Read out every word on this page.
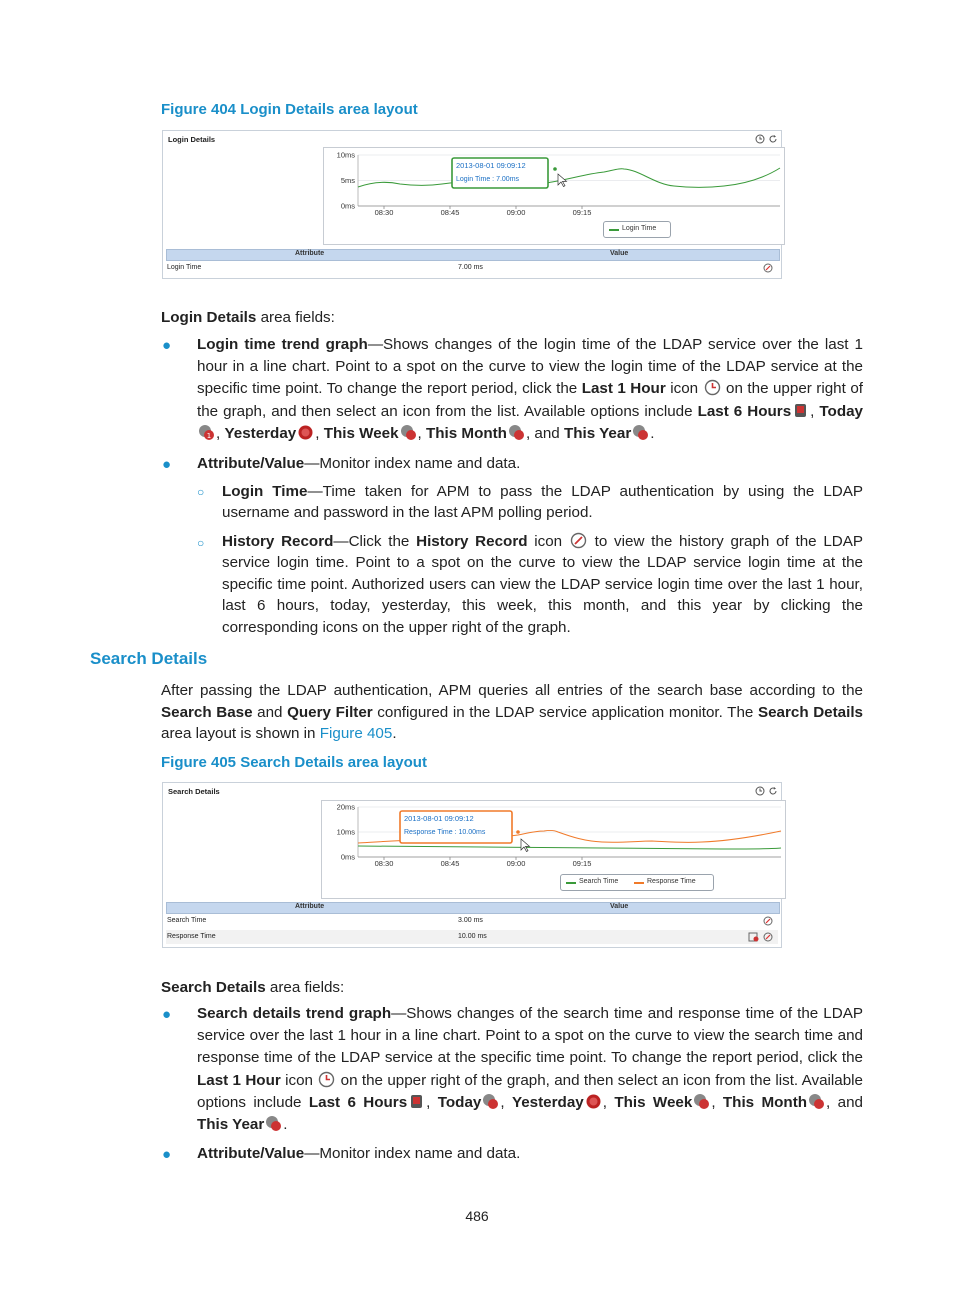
Figure 404 Login Details area layout
Login Details
10ms
5ms
0ms
08:30	08:45	09:00	09:15
2013-08-01 09:09:12
Login Time : 7.00ms
Login Time
Attribute	Value
Login Time	7.00 ms
Login Details area fields:
● Login time trend graph—Shows changes of the login time of the LDAP service over the last 1 hour in a line chart. Point to a spot on the curve to view the login time of the LDAP service at the specific time point. To change the report period, click the Last 1 Hour icon  on the upper right of the graph, and then select an icon from the list. Available options include Last 6 Hours , Today
1 , Yesterday , This Week , This Month , and This Year .
● Attribute/Value—Monitor index name and data.
○ Login Time—Time taken for APM to pass the LDAP authentication by using the LDAP username and password in the last APM polling period.
○ History Record—Click the History Record icon  to view the history graph of the LDAP service login time. Point to a spot on the curve to view the LDAP service login time at the specific time point. Authorized users can view the LDAP service login time over the last 1 hour, last 6 hours, today, yesterday, this week, this month, and this year by clicking the corresponding icons on the upper right of the graph.
Search Details
After passing the LDAP authentication, APM queries all entries of the search base according to the Search Base and Query Filter configured in the LDAP service application monitor. The Search Details area layout is shown in Figure 405.
Figure 405 Search Details area layout
Search Details
20ms
10ms
0ms
08:30	08:45	09:00	09:15
2013-08-01 09:09:12
Response Time : 10.00ms
Search Time	Response Time
Attribute	Value
Search Time	3.00 ms
Response Time	10.00 ms
Search Details area fields:
● Search details trend graph—Shows changes of the search time and response time of the LDAP service over the last 1 hour in a line chart. Point to a spot on the curve to view the search time and response time of the LDAP service at the specific time point. To change the report period, click the Last 1 Hour icon  on the upper right of the graph, and then select an icon from the list. Available options include Last 6 Hours , Today , Yesterday , This Week , This Month , and This Year .
● Attribute/Value—Monitor index name and data.
486
